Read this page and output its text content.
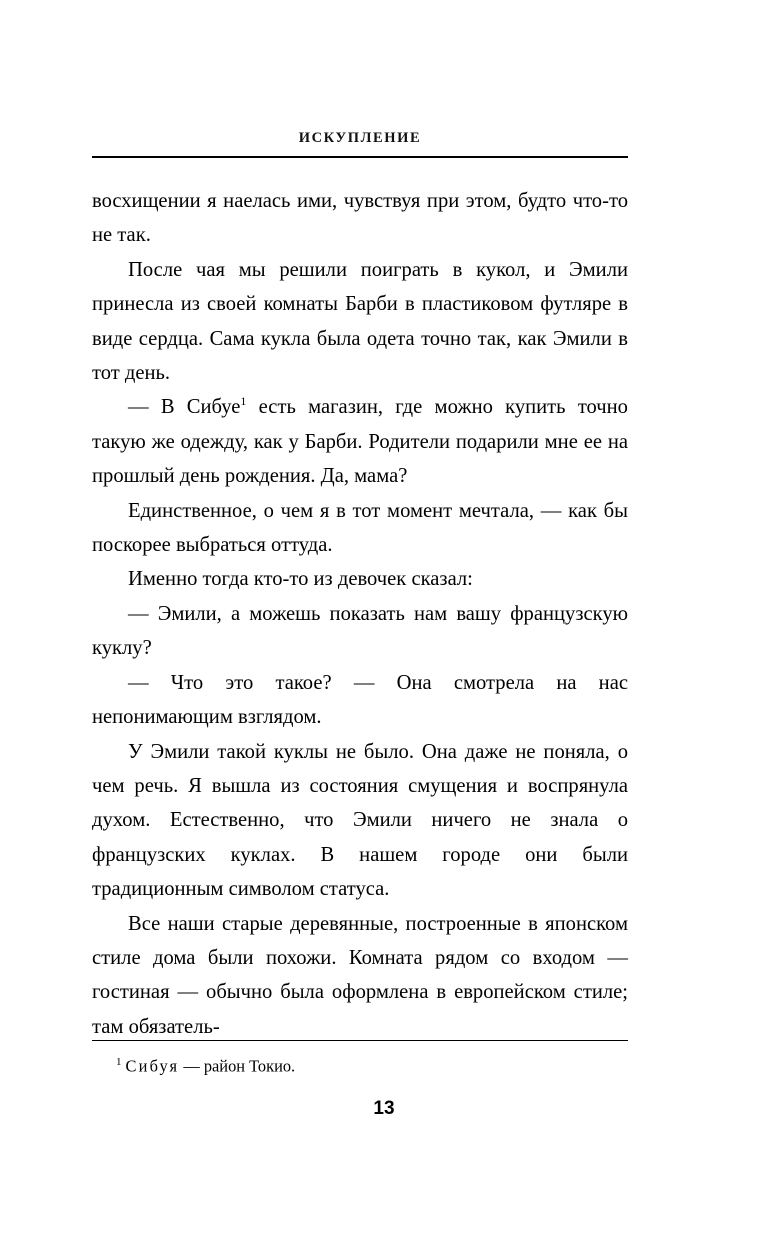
ИСКУПЛЕНИЕ

восхищении я наелась ими, чувствуя при этом, будто что-то не так.

После чая мы решили поиграть в кукол, и Эмили принесла из своей комнаты Барби в пластиковом футляре в виде сердца. Сама кукла была одета точно так, как Эмили в тот день.

— В Сибуе$^1$ есть магазин, где можно купить точно такую же одежду, как у Барби. Родители подарили мне ее на прошлый день рождения. Да, мама?

Единственное, о чем я в тот момент мечтала, — как бы поскорее выбраться оттуда.

Именно тогда кто-то из девочек сказал:

— Эмили, а можешь показать нам вашу французскую куклу?

— Что это такое? — Она смотрела на нас непонимающим взглядом.

У Эмили такой куклы не было. Она даже не поняла, о чем речь. Я вышла из состояния смущения и воспрянула духом. Естественно, что Эмили ничего не знала о французских куклах. В нашем городе они были традиционным символом статуса.

Все наши старые деревянные, построенные в японском стиле дома были похожи. Комната рядом со входом — гостиная — обычно была оформлена в европейском стиле; там обязатель-

$^1$ Сибуя — район Токио.
13
